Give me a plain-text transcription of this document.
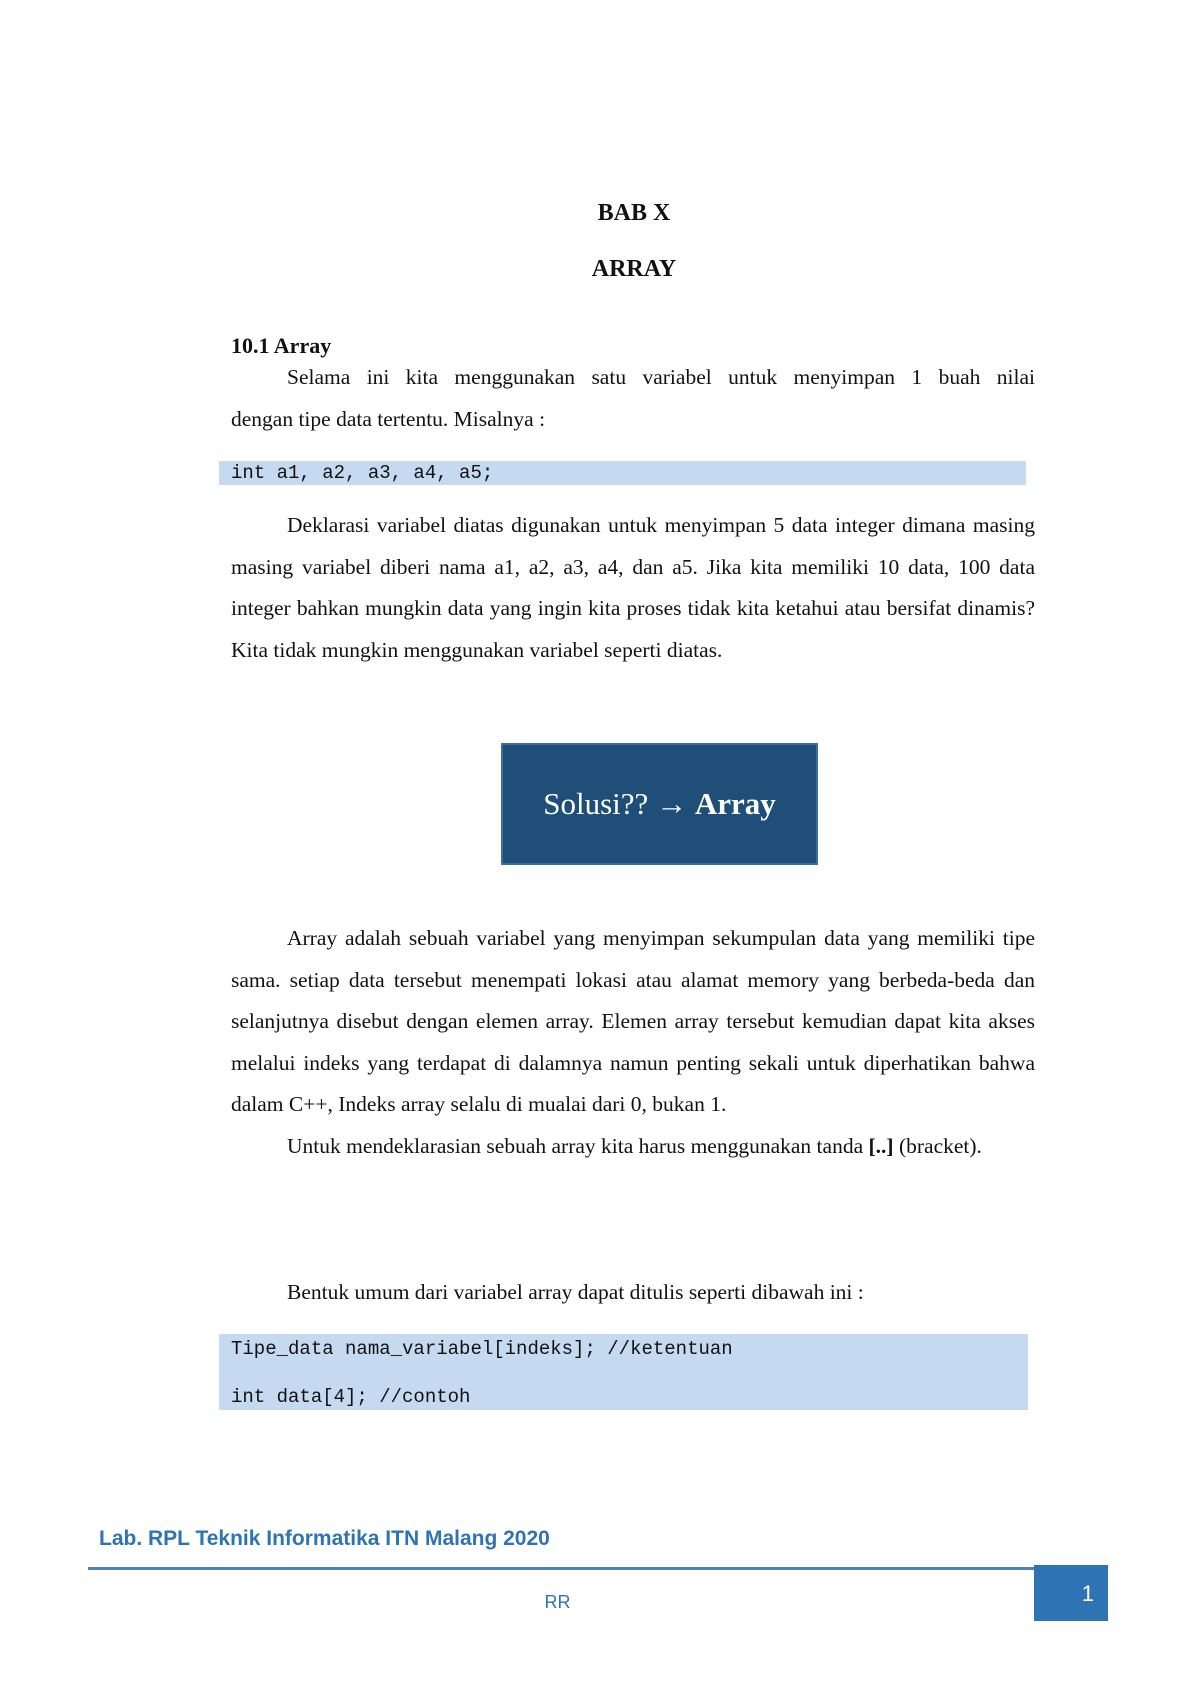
BAB X
ARRAY
10.1 Array

Selama ini kita menggunakan satu variabel untuk menyimpan 1 buah nilai

dengan tipe data tertentu. Misalnya :
int a1, a2, a3, a4, a5;

Deklarasi variabel diatas digunakan untuk menyimpan 5 data integer dimana masing masing variabel diberi nama a1, a2, a3, a4, dan a5. Jika kita memiliki 10 data, 100 data integer bahkan mungkin data yang ingin kita proses tidak kita ketahui atau bersifat dinamis? Kita tidak mungkin menggunakan variabel seperti diatas.

Solusi?? →
Array

Array adalah sebuah variabel yang menyimpan sekumpulan data yang memiliki tipe sama. setiap data tersebut menempati lokasi atau alamat memory yang berbeda-beda dan selanjutnya disebut dengan elemen array. Elemen array tersebut kemudian dapat kita akses melalui indeks yang terdapat di dalamnya namun penting sekali untuk diperhatikan bahwa dalam C++, Indeks array selalu di mualai dari 0, bukan 1.

Untuk mendeklarasian sebuah array kita harus menggunakan tanda [..] (bracket).

Bentuk umum dari variabel array dapat ditulis seperti dibawah ini :

Tipe_data nama_variabel[indeks]; //ketentuan
int data[4]; //contoh
Lab. RPL Teknik Informatika ITN Malang 2020
RR	1
